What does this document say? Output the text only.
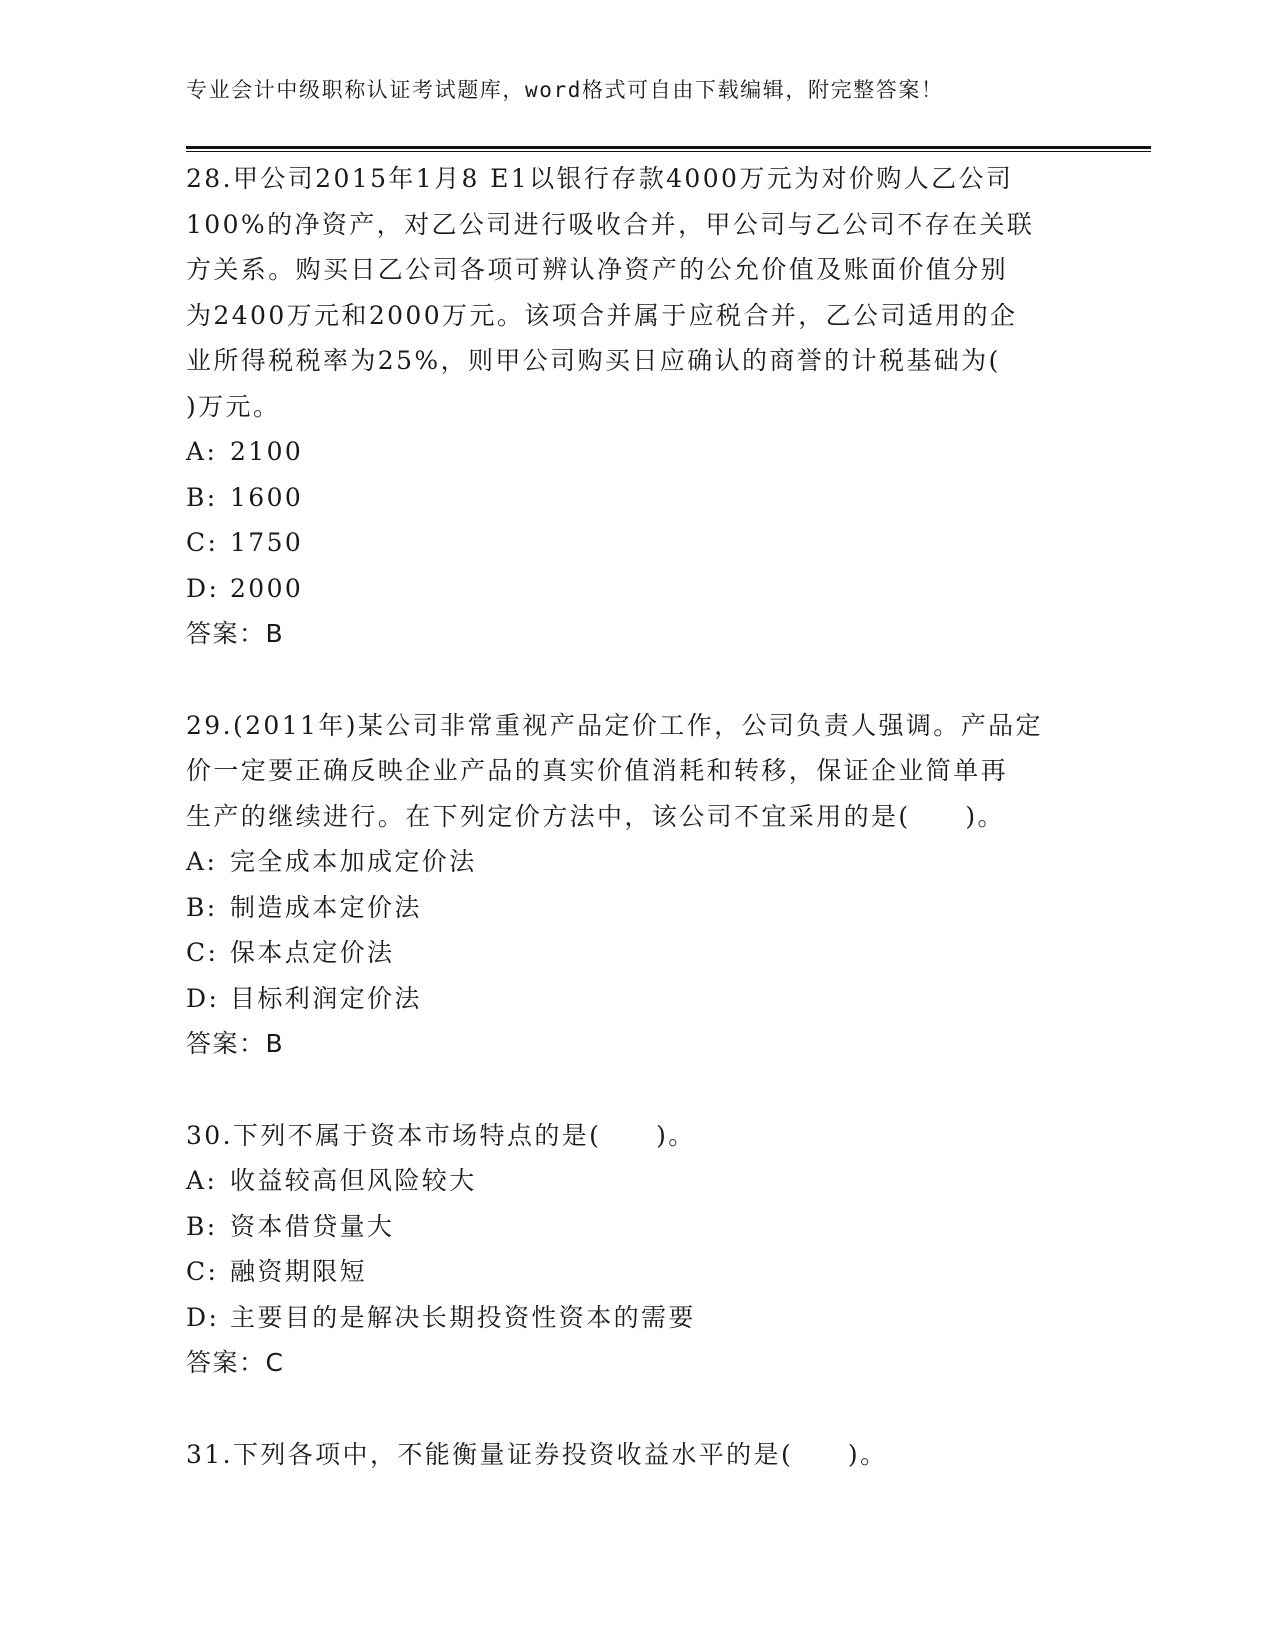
专业会计中级职称认证考试题库，word格式可自由下载编辑，附完整答案！
28.甲公司2015年1月8 E1以银行存款4000万元为对价购人乙公司
100%的净资产，对乙公司进行吸收合并，甲公司与乙公司不存在关联
方关系。购买日乙公司各项可辨认净资产的公允价值及账面价值分别
为2400万元和2000万元。该项合并属于应税合并，乙公司适用的企
业所得税税率为25%，则甲公司购买日应确认的商誉的计税基础为(
)万元。
A: 2100
B: 1600
C: 1750
D: 2000
答案：B
29.(2011年)某公司非常重视产品定价工作，公司负责人强调。产品定
价一定要正确反映企业产品的真实价值消耗和转移，保证企业简单再
生产的继续进行。在下列定价方法中，该公司不宜采用的是(　　)。
A: 完全成本加成定价法
B: 制造成本定价法
C: 保本点定价法
D: 目标利润定价法
答案：B
30.下列不属于资本市场特点的是(　　)。
A: 收益较高但风险较大
B: 资本借贷量大
C: 融资期限短
D: 主要目的是解决长期投资性资本的需要
答案：C
31.下列各项中，不能衡量证券投资收益水平的是(　　)。
